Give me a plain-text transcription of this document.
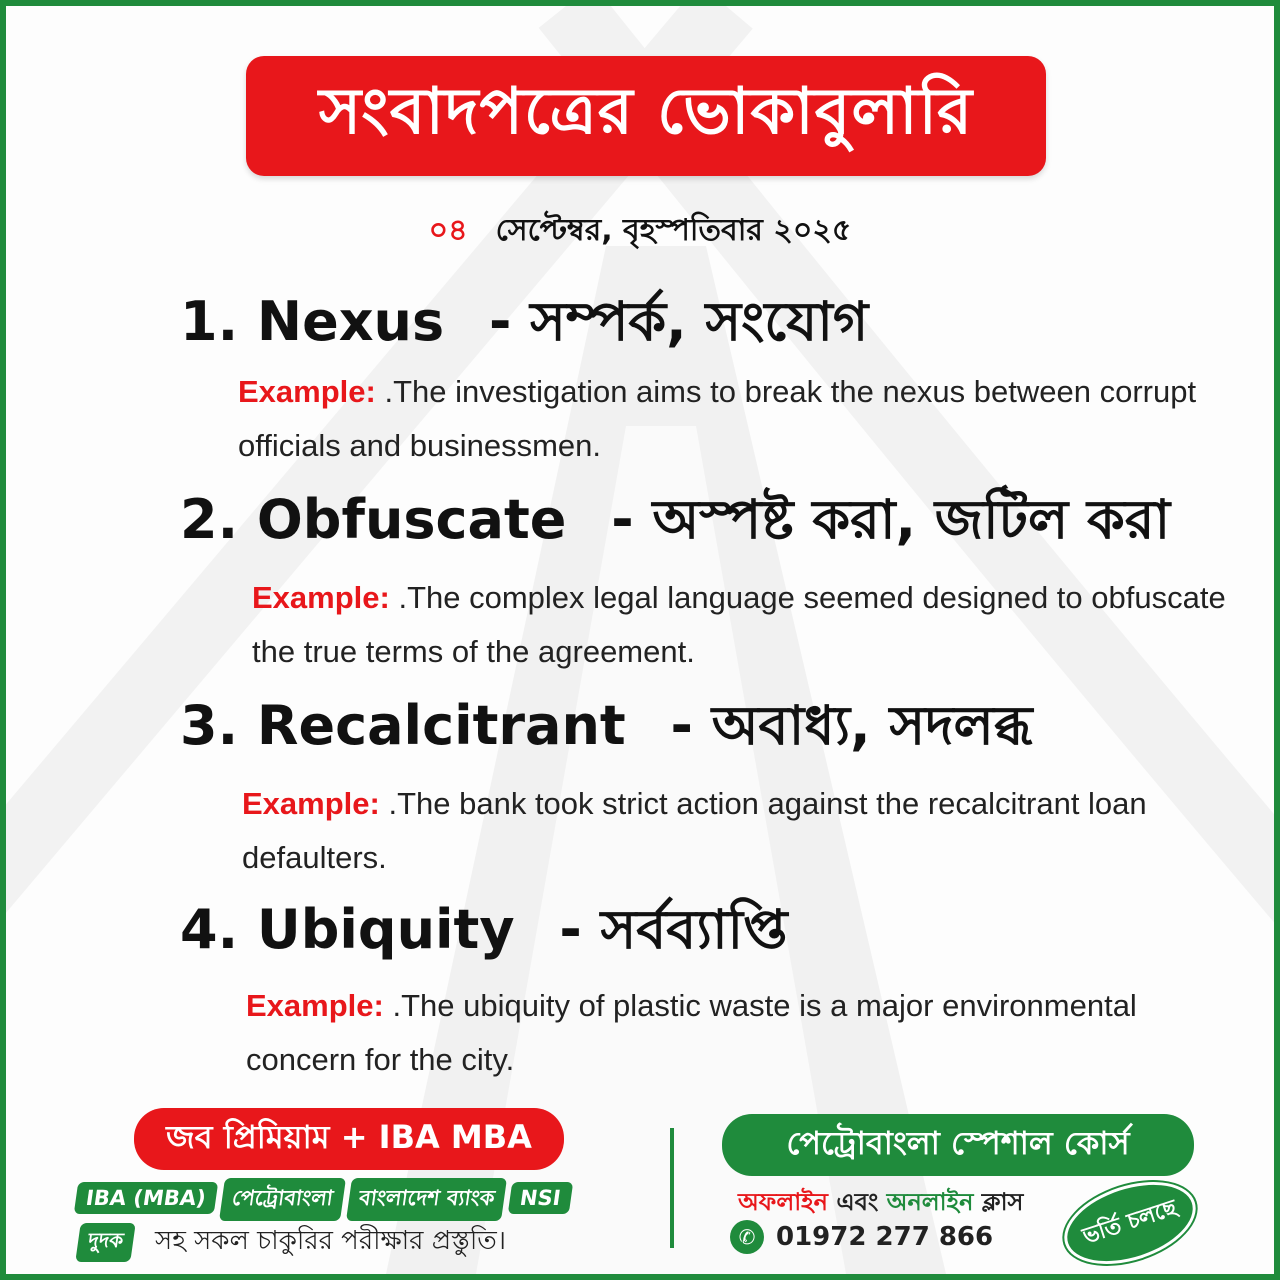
সংবাদপত্রের ভোকাবুলারি
০৪ সেপ্টেম্বর, বৃহস্পতিবার ২০২৫
1. Nexus - সম্পর্ক, সংযোগ
Example: .The investigation aims to break the nexus between corrupt officials and businessmen.
2. Obfuscate - অস্পষ্ট করা, জটিল করা
Example: .The complex legal language seemed designed to obfuscate the true terms of the agreement.
3. Recalcitrant - অবাধ্য, সদলব্ধ
Example: .The bank took strict action against the recalcitrant loan defaulters.
4. Ubiquity - সর্বব্যাপ্তি
Example: .The ubiquity of plastic waste is a major environmental concern for the city.
জব প্রিমিয়াম + IBA MBA
IBA (MBA) পেট্রোবাংলা বাংলাদেশ ব্যাংক NSI
দুদক সহ সকল চাকুরির পরীক্ষার প্রস্তুতি।
পেট্রোবাংলা স্পেশাল কোর্স
অফলাইন এবং অনলাইন ক্লাস
✆ 01972 277 866	ভর্তি চলছে
